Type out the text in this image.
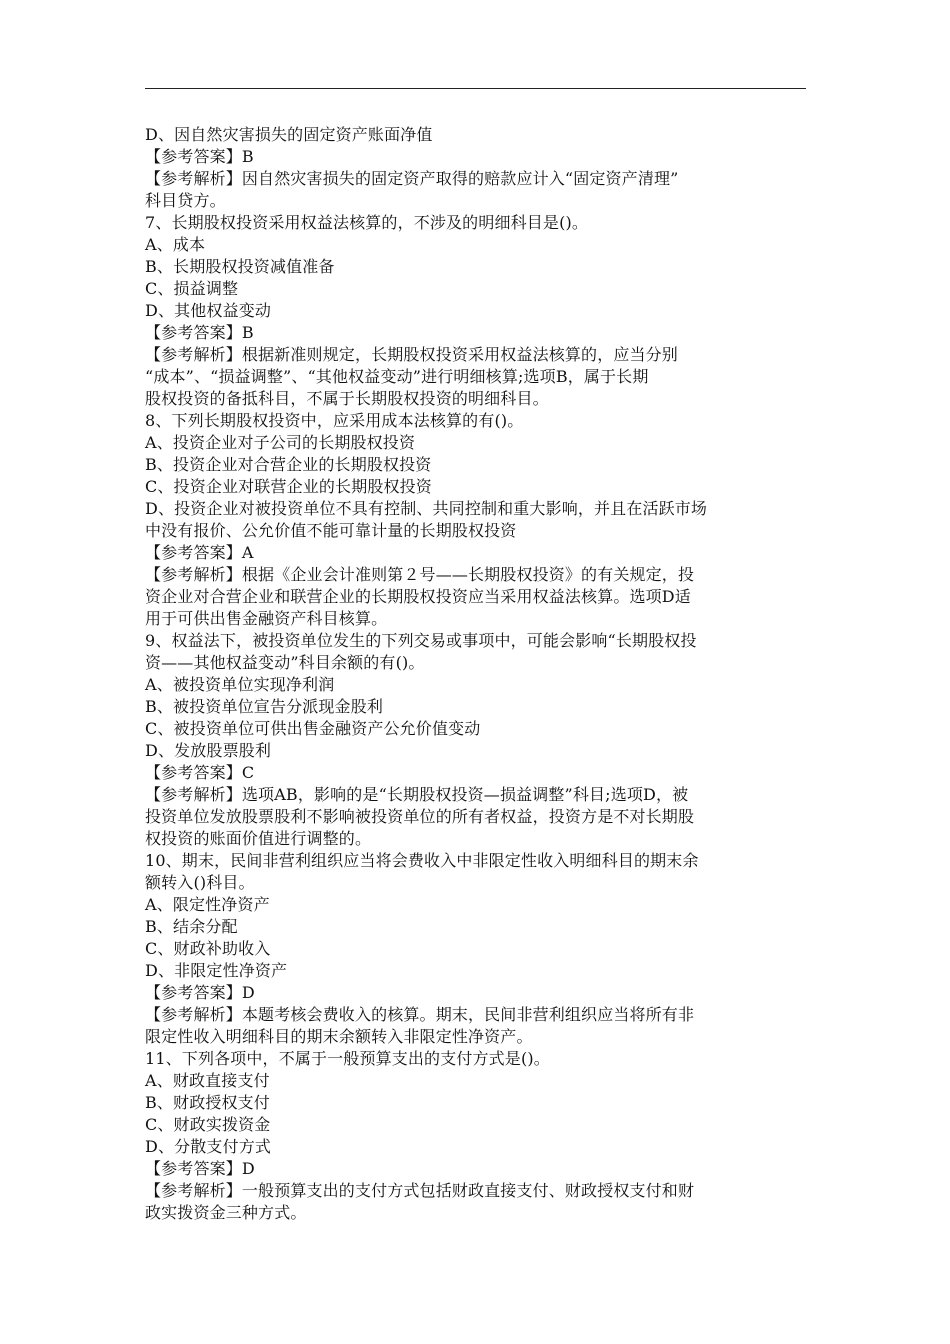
D、因自然灾害损失的固定资产账面净值
【参考答案】B
【参考解析】因自然灾害损失的固定资产取得的赔款应计入“固定资产清理”
科目贷方。
7、长期股权投资采用权益法核算的，不涉及的明细科目是()。
A、成本
B、长期股权投资减值准备
C、损益调整
D、其他权益变动
【参考答案】B
【参考解析】根据新准则规定，长期股权投资采用权益法核算的，应当分别
“成本”、“损益调整”、“其他权益变动”进行明细核算;选项B，属于长期
股权投资的备抵科目，不属于长期股权投资的明细科目。
8、下列长期股权投资中，应采用成本法核算的有()。
A、投资企业对子公司的长期股权投资
B、投资企业对合营企业的长期股权投资
C、投资企业对联营企业的长期股权投资
D、投资企业对被投资单位不具有控制、共同控制和重大影响，并且在活跃市场
中没有报价、公允价值不能可靠计量的长期股权投资
【参考答案】A
【参考解析】根据《企业会计准则第２号——长期股权投资》的有关规定，投
资企业对合营企业和联营企业的长期股权投资应当采用权益法核算。选项D适
用于可供出售金融资产科目核算。
9、权益法下，被投资单位发生的下列交易或事项中，可能会影响“长期股权投
资——其他权益变动”科目余额的有()。
A、被投资单位实现净利润
B、被投资单位宣告分派现金股利
C、被投资单位可供出售金融资产公允价值变动
D、发放股票股利
【参考答案】C
【参考解析】选项AB，影响的是“长期股权投资—损益调整”科目;选项D，被
投资单位发放股票股利不影响被投资单位的所有者权益，投资方是不对长期股
权投资的账面价值进行调整的。
10、期末，民间非营利组织应当将会费收入中非限定性收入明细科目的期末余
额转入()科目。
A、限定性净资产
B、结余分配
C、财政补助收入
D、非限定性净资产
【参考答案】D
【参考解析】本题考核会费收入的核算。期末，民间非营利组织应当将所有非
限定性收入明细科目的期末余额转入非限定性净资产。
11、下列各项中，不属于一般预算支出的支付方式是()。
A、财政直接支付
B、财政授权支付
C、财政实拨资金
D、分散支付方式
【参考答案】D
【参考解析】一般预算支出的支付方式包括财政直接支付、财政授权支付和财
政实拨资金三种方式。
